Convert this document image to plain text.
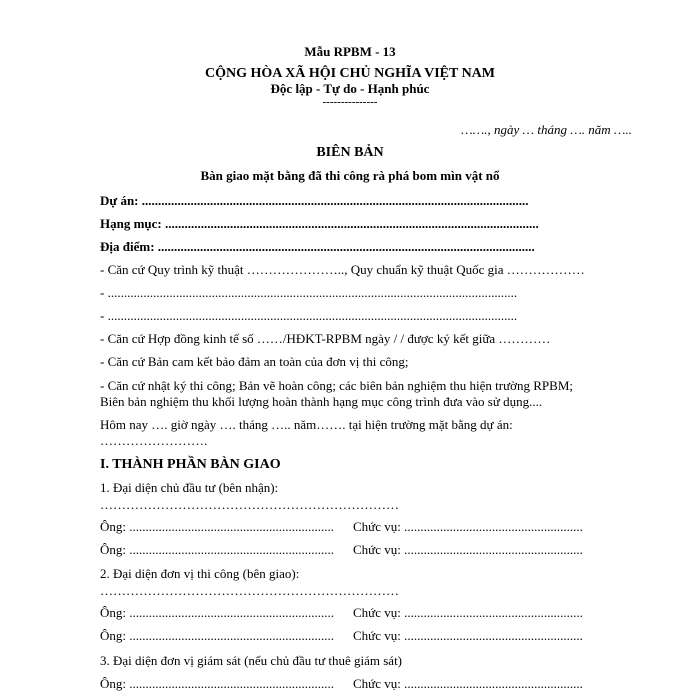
Mẫu RPBM - 13
CỘNG HÒA XÃ HỘI CHỦ NGHĨA VIỆT NAM
Độc lập - Tự do - Hạnh phúc
---------------
……., ngày … tháng …. năm …..
BIÊN BẢN
Bàn giao mặt bằng đã thi công rà phá bom mìn vật nổ
Dự án: .......................................................................................................................
Hạng mục: ...................................................................................................................
Địa điểm: ....................................................................................................................
- Căn cứ Quy trình kỹ thuật ………………….., Quy chuẩn kỹ thuật Quốc gia ………………
- ..............................................................................................................................
- ..............................................................................................................................
- Căn cứ Hợp đồng kinh tế số ……/HĐKT-RPBM ngày / / được ký kết giữa …………
- Căn cứ Bản cam kết bảo đảm an toàn của đơn vị thi công;
- Căn cứ nhật ký thi công; Bản vẽ hoàn công; các biên bản nghiệm thu hiện trường RPBM;
Biên bản nghiệm thu khối lượng hoàn thành hạng mục công trình đưa vào sử dụng....
Hôm nay …. giờ ngày …. tháng ….. năm……. tại hiện trường mặt bằng dự án:
…………………….
I. THÀNH PHẦN BÀN GIAO
1. Đại diện chủ đầu tư (bên nhận):
……………………………………………………………
Ông: ............................................................... Chức vụ: .......................................................
Ông: ............................................................... Chức vụ: .......................................................
2. Đại diện đơn vị thi công (bên giao):
……………………………………………………………
Ông: ............................................................... Chức vụ: .......................................................
Ông: ............................................................... Chức vụ: .......................................................
3. Đại diện đơn vị giám sát (nếu chủ đầu tư thuê giám sát)
Ông: ............................................................... Chức vụ: .......................................................
